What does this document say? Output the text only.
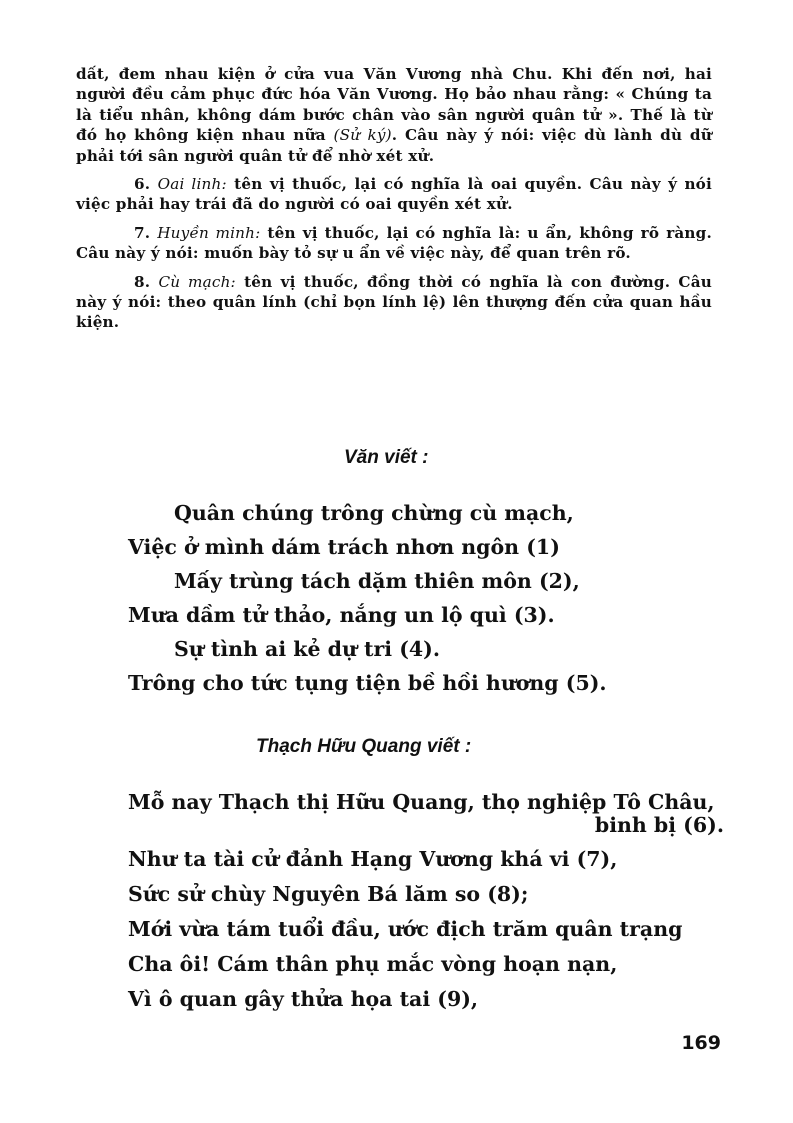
dất, đem nhau kiện ở cửa vua Văn Vương nhà Chu. Khi đến nơi, hai người đều cảm phục đức hóa Văn Vương. Họ bảo nhau rằng: « Chúng ta là tiểu nhân, không dám bước chân vào sân người quân tử ». Thế là từ đó họ không kiện nhau nữa (Sử ký). Câu này ý nói: việc dù lành dù dữ phải tới sân người quân tử để nhờ xét xử.

6. Oai linh: tên vị thuốc, lại có nghĩa là oai quyền. Câu này ý nói việc phải hay trái đã do người có oai quyền xét xử.

7. Huyền minh: tên vị thuốc, lại có nghĩa là: u ẩn, không rõ ràng. Câu này ý nói: muốn bày tỏ sự u ẩn về việc này, để quan trên rõ.

8. Cù mạch: tên vị thuốc, đồng thời có nghĩa là con đường. Câu này ý nói: theo quân lính (chỉ bọn lính lệ) lên thượng đến cửa quan hầu kiện.

Văn viết :
Quân chúng trông chừng cù mạch,
Việc ở mình dám trách nhơn ngôn (1)
Mấy trùng tách dặm thiên môn (2),
Mưa dầm tử thảo, nắng un lộ quì (3).
Sự tình ai kẻ dự tri (4).
Trông cho tức tụng tiện bề hồi hương (5).
Thạch Hữu Quang viết :
Mỗ nay Thạch thị Hữu Quang, thọ nghiệp Tô Châu,
binh bị (6).
Như ta tài cử đảnh Hạng Vương khá vi (7),
Sức sử chùy Nguyên Bá lăm so (8);
Mới vừa tám tuổi đầu, ước địch trăm quân trạng
Cha ôi! Cám thân phụ mắc vòng hoạn nạn,
Vì ô quan gây thửa họa tai (9),
169
